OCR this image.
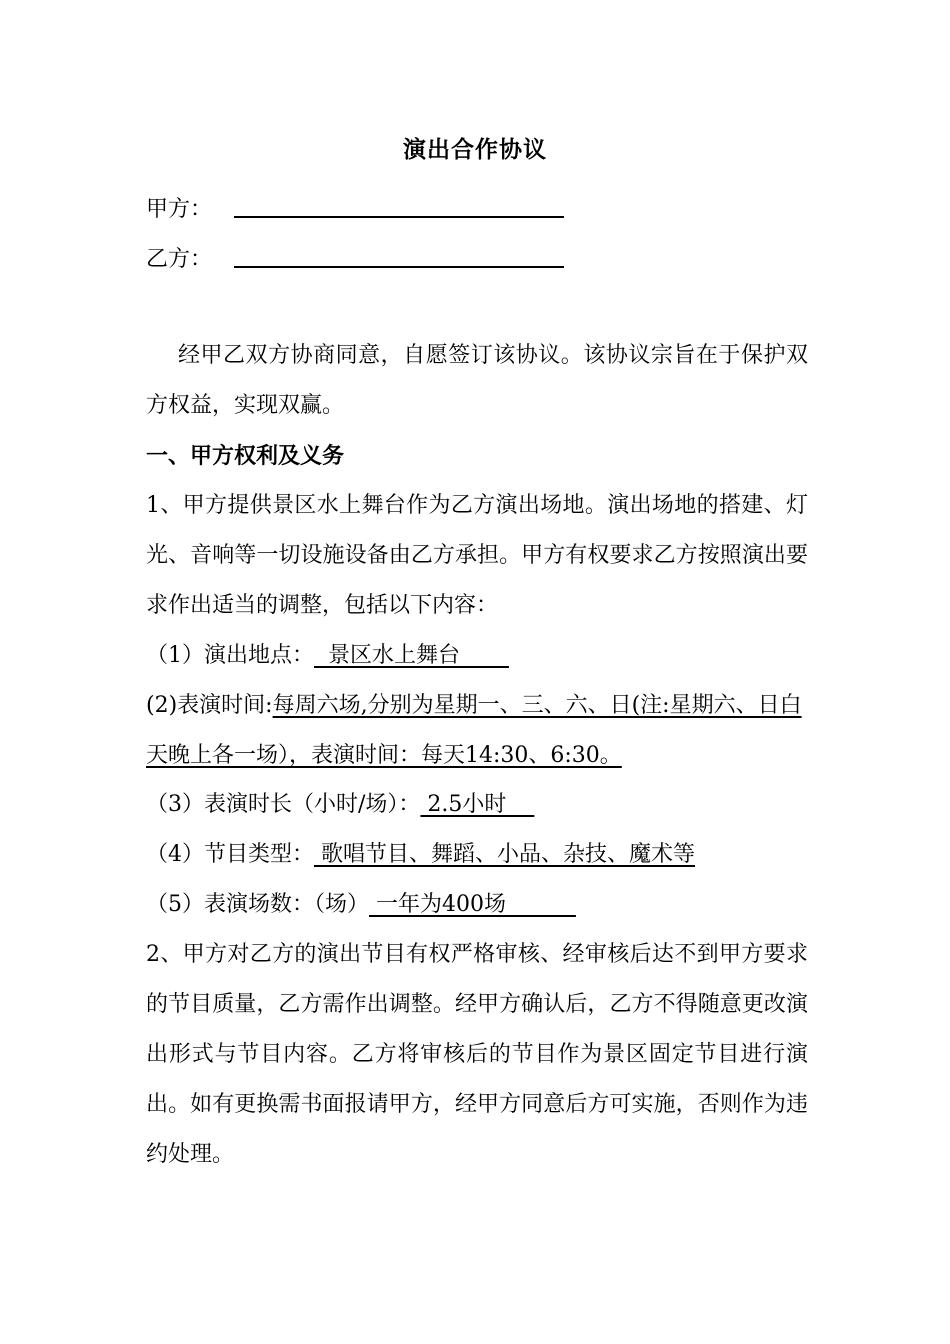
演出合作协议
甲方：
乙方：
经甲乙双方协商同意，自愿签订该协议。该协议宗旨在于保护双方权益，实现双赢。
一、甲方权利及义务
1、甲方提供景区水上舞台作为乙方演出场地。演出场地的搭建、灯光、音响等一切设施设备由乙方承担。甲方有权要求乙方按照演出要求作出适当的调整，包括以下内容：
（1）演出地点：  景区水上舞台
(2)表演时间:每周六场,分别为星期一、三、六、日(注:星期六、日白天晚上各一场），表演时间：每天14:30、6:30。
（3）表演时长（小时/场）： 2.5小时
（4）节目类型： 歌唱节目、舞蹈、小品、杂技、魔术等
（5）表演场数：（场） 一年为400场
2、甲方对乙方的演出节目有权严格审核、经审核后达不到甲方要求的节目质量，乙方需作出调整。经甲方确认后，乙方不得随意更改演出形式与节目内容。乙方将审核后的节目作为景区固定节目进行演出。如有更换需书面报请甲方，经甲方同意后方可实施，否则作为违约处理。
